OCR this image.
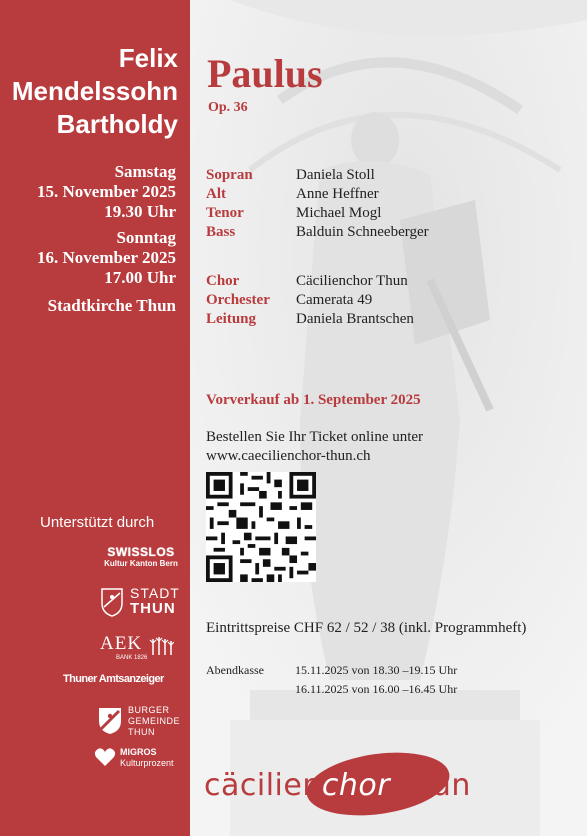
Felix
Mendelssohn
Bartholdy
Samstag
15. November 2025
19.30 Uhr
Sonntag
16. November 2025
17.00 Uhr
Stadtkirche Thun
Unterstützt durch
SWISSLOS
Kultur Kanton Bern
STADT
THUN
AEK
BANK 1826
Thuner Amtsanzeiger
BURGER
GEMEINDE
THUN
MIGROS
Kulturprozent
Paulus
Op. 36
Sopran	Daniela Stoll
Alt	Anne Heffner
Tenor	Michael Mogl
Bass	Balduin Schneeberger
Chor	Cäcilienchor Thun
Orchester	Camerata 49
Leitung	Daniela Brantschen
Vorverkauf ab 1. September 2025
Bestellen Sie Ihr Ticket online unter
www.caecilienchor-thun.ch
Eintrittspreise CHF 62 / 52 / 38 (inkl. Programmheft)
Abendkasse	15.11.2025 von 18.30 –19.15 Uhr
16.11.2025 von 16.00 –16.45 Uhr
cäcilienchor thun
